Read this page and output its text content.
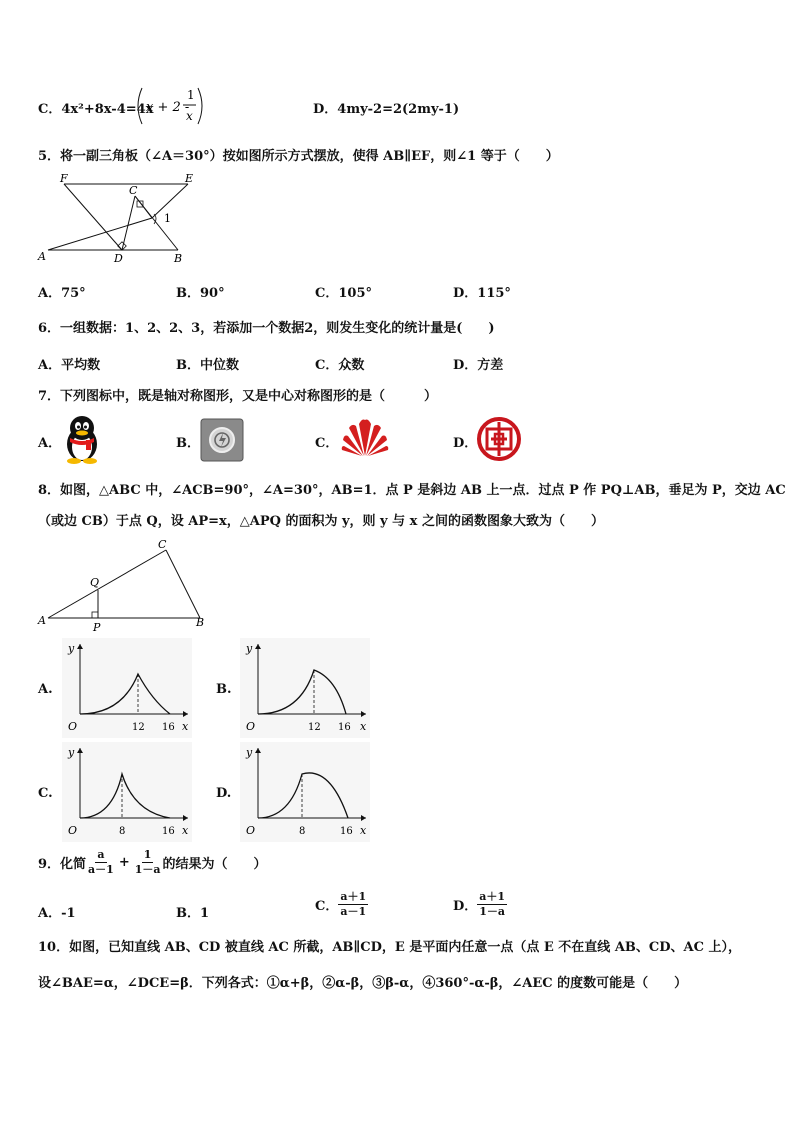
C．4x²+8x-4=4x
x + 2 -
1
x	D．4my-2=2(2my-1)
5．将一副三角板（∠A＝30°）按如图所示方式摆放，使得 AB∥EF，则∠1 等于（　　）
F	E
C
A	D	B
1
A．75°	B．90°	C．105°	D．115°
6．一组数据：1、2、2、3，若添加一个数据2，则发生变化的统计量是(　　)
A．平均数	B．中位数	C．众数	D．方差
7．下列图标中，既是轴对称图形，又是中心对称图形的是（　　　）
A．	B．	C．	D．
8．如图，△ABC 中，∠ACB=90°，∠A=30°，AB=1．点 P 是斜边 AB 上一点．过点 P 作 PQ⊥AB，垂足为 P，交边 AC
（或边 CB）于点 Q，设 AP=x，△APQ 的面积为 y，则 y 与 x 之间的函数图象大致为（　　）
A	B
C
Q
P
A.	B.
C.	D.
y
x
O	12 16
y
x
O	12 16
y
x
O	8	16
y
x
O	8	16
9．化简 $\frac{a}{a-1} + \frac{1}{1-a}$ 的结果为（　　）
A．-1	B．1	C． $\frac{a+1}{a-1}$	D． $\frac{a+1}{1-a}$
10．如图，已知直线 AB、CD 被直线 AC 所截，AB∥CD，E 是平面内任意一点（点 E 不在直线 AB、CD、AC 上），
设∠BAE=α，∠DCE=β．下列各式：①α+β，②α-β，③β-α，④360°-α-β，∠AEC 的度数可能是（　　）
